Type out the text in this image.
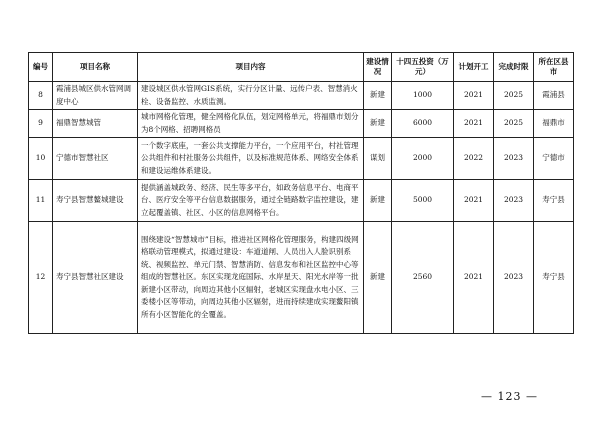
编号	项目名称	项目内容	建设情况	十四五投资（万元）	计划开工	完成时限	所在区县市
8	霞浦县城区供水管网调度中心	建设城区供水管网GIS系统，实行分区计量、远传户表、智慧消火栓、设备监控、水质监测。	新建	1000	2021	2025	霞浦县
9	福鼎智慧城管	城市网格化管理，健全网格化队伍，划定网格单元，将福鼎市划分为8个网格、招聘网格员	新建	6000	2021	2025	福鼎市
10	宁德市智慧社区	一个数字底座，一套公共支撑能力平台，一个应用平台，村社管理公共组件和村社服务公共组件，以及标准规范体系、网络安全体系和建设运维体系建设。	谋划	2000	2022	2023	宁德市
11	寿宁县智慧鳌城建设	提供涵盖城政务、经济、民生等多平台，如政务信息平台、电商平台、医疗安全等平台信息数据服务，通过全链路数字监控建设，建立起覆盖镇、社区、小区的信息网格平台。	新建	5000	2021	2023	寿宁县
12	寿宁县智慧社区建设	围绕建设“智慧城市”目标，推进社区网格化管理服务，构建四级网格联动管理模式，拟通过建设：车道道闸、人员出入人脸识别系统、视频监控、单元门禁、智慧消防、信息发布和社区监控中心等组成的智慧社区。东区实现龙庭国际、水岸星天、阳光水岸等一批新建小区带动，向周边其他小区辐射，老城区实现盘水电小区、三委楼小区等带动，向周边其他小区辐射，进而持续建成实现鳌阳镇所有小区智能化的全覆盖。	新建	2560	2021	2023	寿宁县
— 123 —
